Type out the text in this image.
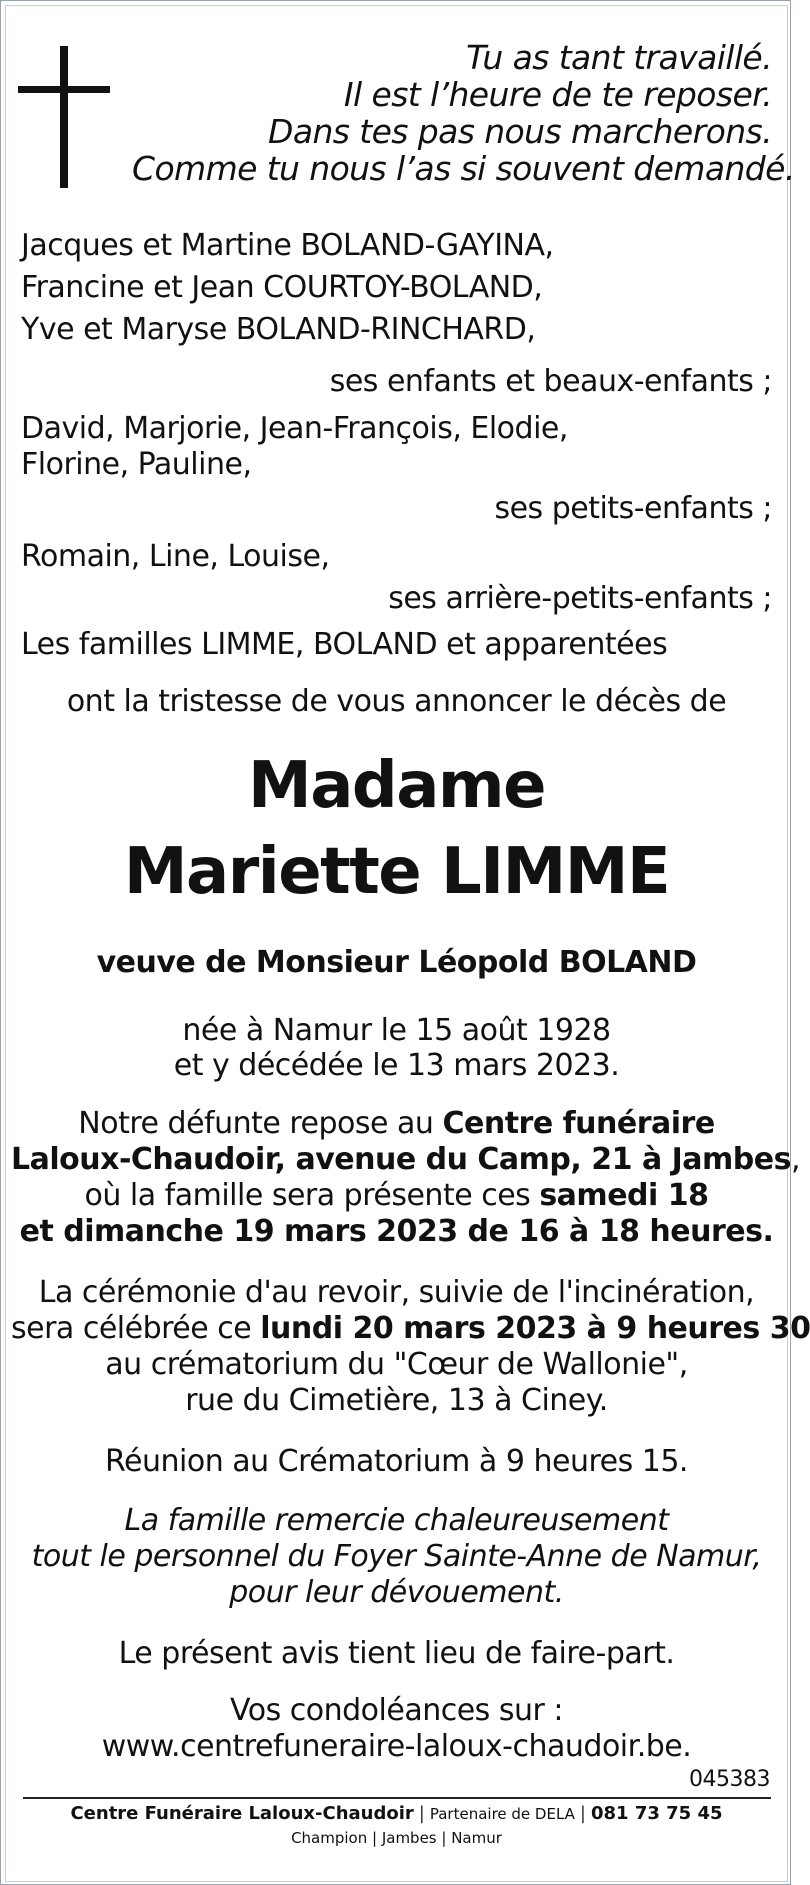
Tu as tant travaillé.
Il est l’heure de te reposer.
Dans tes pas nous marcherons.
Comme tu nous l’as si souvent demandé.
Jacques et Martine BOLAND-GAYINA,
Francine et Jean COURTOY-BOLAND,
Yve et Maryse BOLAND-RINCHARD,
ses enfants et beaux-enfants ;
David, Marjorie, Jean-François, Elodie,
Florine, Pauline,
ses petits-enfants ;
Romain, Line, Louise,
ses arrière-petits-enfants ;
Les familles LIMME, BOLAND et apparentées
ont la tristesse de vous annoncer le décès de
Madame
Mariette LIMME
veuve de Monsieur Léopold BOLAND
née à Namur le 15 août 1928
et y décédée le 13 mars 2023.
Notre défunte repose au Centre funéraire
Laloux-Chaudoir, avenue du Camp, 21 à Jambes,
où la famille sera présente ces samedi 18
et dimanche 19 mars 2023 de 16 à 18 heures.
La cérémonie d'au revoir, suivie de l'incinération,
sera célébrée ce lundi 20 mars 2023 à 9 heures 30
au crématorium du "Cœur de Wallonie",
rue du Cimetière, 13 à Ciney.
Réunion au Crématorium à 9 heures 15.
La famille remercie chaleureusement
tout le personnel du Foyer Sainte-Anne de Namur,
pour leur dévouement.
Le présent avis tient lieu de faire-part.
Vos condoléances sur :
www.centrefuneraire-laloux-chaudoir.be.
045383
Centre Funéraire Laloux-Chaudoir | Partenaire de DELA | 081 73 75 45
Champion | Jambes | Namur
